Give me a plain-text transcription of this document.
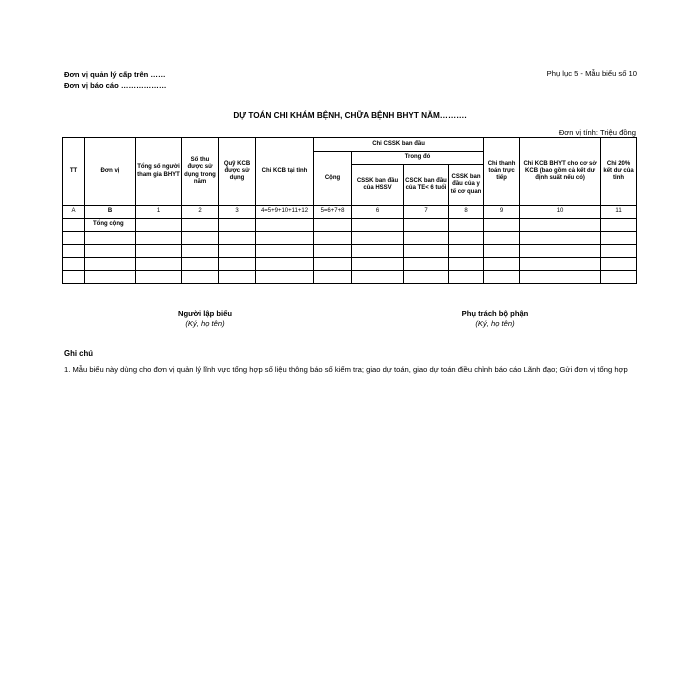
Đơn vị quản lý cấp trên ……
Đơn vị báo cáo ………………
Phụ lục 5 - Mẫu biểu số 10
DỰ TOÁN CHI KHÁM BỆNH, CHỮA BỆNH BHYT NĂM……….
Đơn vị tính: Triệu đồng
TT	Đơn vị	Tổng số người tham gia BHYT	Số thu được sử dụng trong năm	Quỹ KCB được sử dụng	Chi KCB tại tỉnh	Chi CSSK ban đầu				Chi thanh toán trực tiếp	Chi KCB BHYT cho cơ sở KCB (bao gồm cả kết dư định suất nếu có)	Chi 20% kết dư của tỉnh
						Cộng	Trong đó					
							CSSK ban đầu của HSSV	CSCK ban đầu của TE< 6 tuổi	CSSK ban đầu của y tế cơ quan			
A	B	1	2	3	4=5+9+10+11+12	5=6+7+8	6	7	8	9	10	11
	Tổng cộng											

Người lập biểu
(Ký, họ tên)
Phụ trách bộ phận
(Ký, họ tên)
Ghi chú
1. Mẫu biểu này dùng cho đơn vị quản lý lĩnh vực tổng hợp số liệu thông báo số kiểm tra; giao dự toán, giao dự toán điều chỉnh báo cáo Lãnh đạo; Gửi đơn vị tổng hợp
